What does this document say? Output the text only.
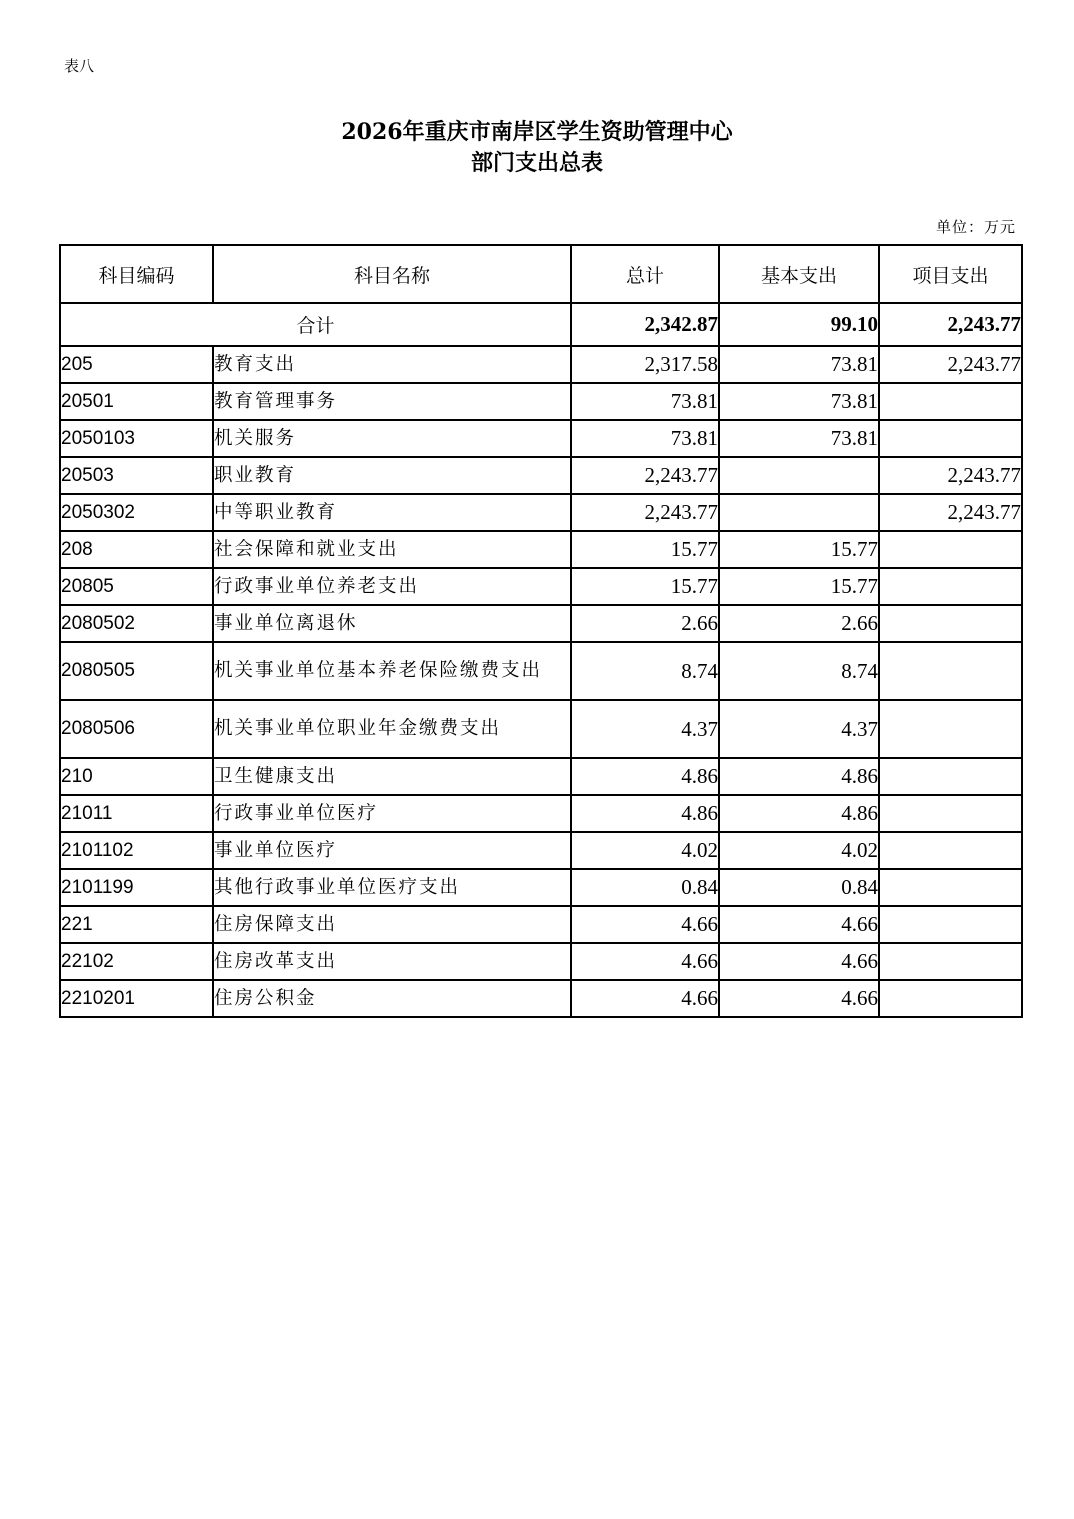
表八
2026年重庆市南岸区学生资助管理中心
部门支出总表
单位：万元
科目编码	科目名称	总计	基本支出	项目支出
合计		2,342.87	99.10	2,243.77
205	教育支出	2,317.58	73.81	2,243.77
20501	教育管理事务	73.81	73.81	
2050103	机关服务	73.81	73.81	
20503	职业教育	2,243.77		2,243.77
2050302	中等职业教育	2,243.77		2,243.77
208	社会保障和就业支出	15.77	15.77	
20805	行政事业单位养老支出	15.77	15.77	
2080502	事业单位离退休	2.66	2.66	
2080505	机关事业单位基本养老保险缴费支出	8.74	8.74	
2080506	机关事业单位职业年金缴费支出	4.37	4.37	
210	卫生健康支出	4.86	4.86	
21011	行政事业单位医疗	4.86	4.86	
2101102	事业单位医疗	4.02	4.02	
2101199	其他行政事业单位医疗支出	0.84	0.84	
221	住房保障支出	4.66	4.66	
22102	住房改革支出	4.66	4.66	
2210201	住房公积金	4.66	4.66	
